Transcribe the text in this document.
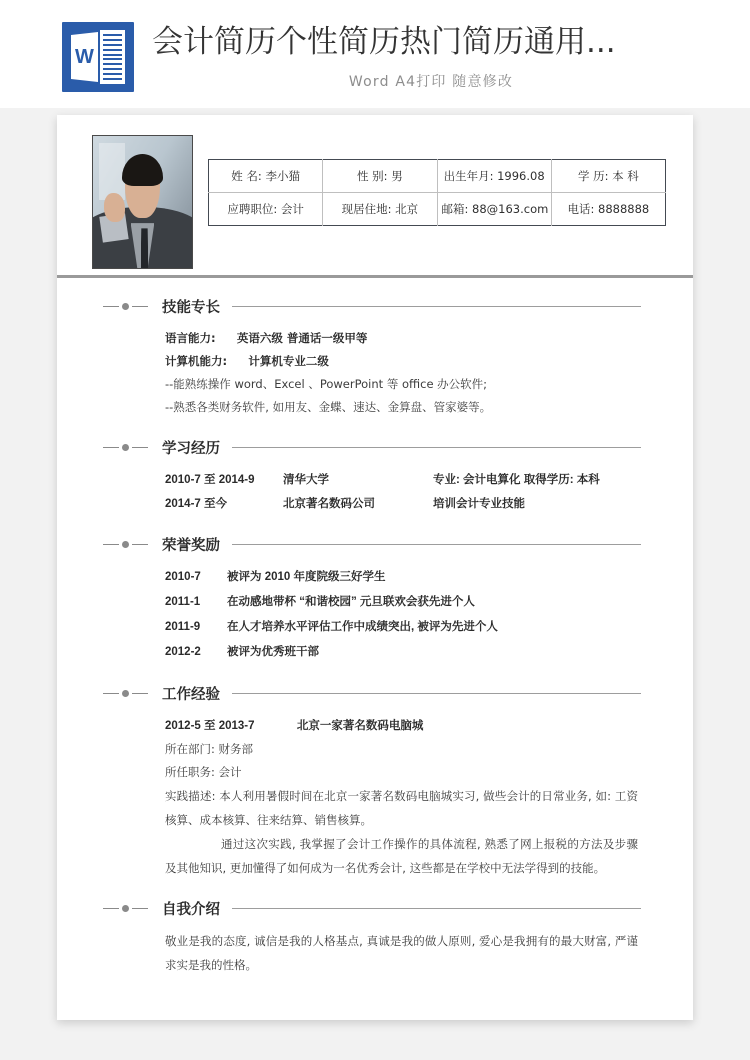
W 会计简历个性简历热门简历通用...
Word A4打印 随意修改
姓 名: 李小猫	性 别: 男	出生年月: 1996.08	学 历: 本 科
应聘职位: 会计	现居住地: 北京	邮箱: 88@163.com	电话: 8888888
技能专长
语言能力: 英语六级 普通话一级甲等
计算机能力: 计算机专业二级
--能熟练操作 word、Excel 、PowerPoint 等 office 办公软件;
--熟悉各类财务软件, 如用友、金蝶、速达、金算盘、管家婆等。
学习经历
2010-7 至 2014-9	清华大学	专业: 会计电算化 取得学历: 本科
2014-7 至今	北京著名数码公司	培训会计专业技能
荣誉奖励
2010-7	被评为 2010 年度院级三好学生
2011-1	在动感地带杯 “和谐校园” 元旦联欢会获先进个人
2011-9	在人才培养水平评估工作中成绩突出, 被评为先进个人
2012-2	被评为优秀班干部
工作经验
2012-5 至 2013-7	北京一家著名数码电脑城
所在部门: 财务部
所任职务: 会计
实践描述: 本人利用暑假时间在北京一家著名数码电脑城实习, 做些会计的日常业务, 如: 工资核算、成本核算、往来结算、销售核算。
通过这次实践, 我掌握了会计工作操作的具体流程, 熟悉了网上报税的方法及步骤及其他知识, 更加懂得了如何成为一名优秀会计, 这些都是在学校中无法学得到的技能。
自我介绍
敬业是我的态度, 诚信是我的人格基点, 真诚是我的做人原则, 爱心是我拥有的最大财富, 严谨求实是我的性格。
